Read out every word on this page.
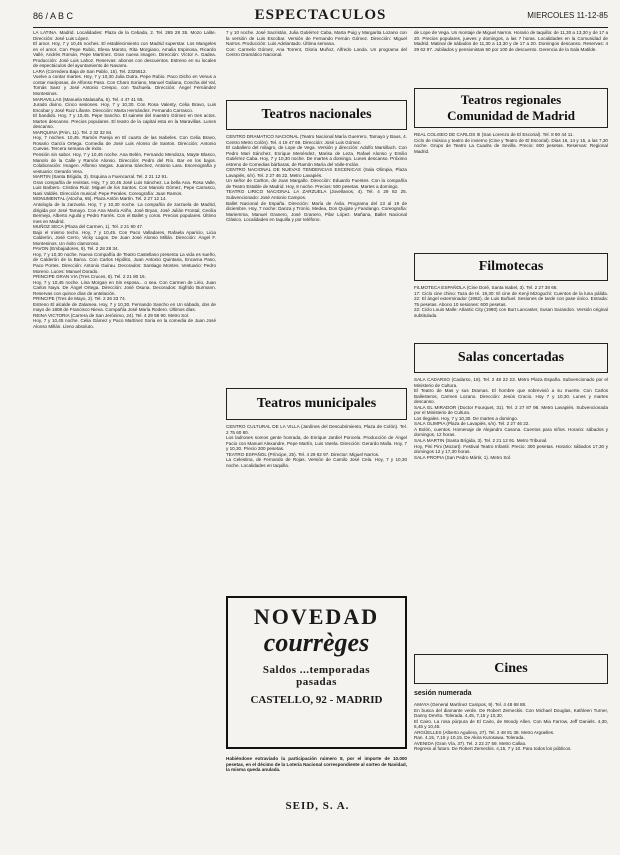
86 / A B C	ESPECTACULOS	MIERCOLES 11-12-85

LA LATINA. Madrid. Localidades: Plaza de la Cebada, 2. Tel. 265 28 35. Mozo Lalite. Dirección: José Luis López.

El amor. Hoy, 7 y 10,45 noches. El establecimiento con Madrid superstar. Los Mangeles en el amor. Con Pepe Rubio, Elena Maroto, Rita Morgiano, Amalia Espinosa, Ricardo Vallé, Andrés Román, Pepe Martínez. Gran nueva imagen. Dirección: Víctor A. Gadea. Producción: José Luis Lahoz. Reservas: abonos con descuentos. Estreno en su locales de espectáculos del ayuntamiento de Navarra.

LARA (Corredera Baja de San Pablo, 15). Tel. 2325612.

Vuelve a contar martes. Hoy, 7 y 10,30 Julia Dutra. Pepe Rubio. Paco Dicho en Venus a contar mariposas, de Alfonso Paso. Con Charo Soriano, Manuel Galiana, Concha del Val, Tomás Saez y José Antonio Crespo, con Tachuela. Dirección: Ángel Fernández Montesinos.

MARAVILLAS (Manuela Malasaña, 6). Tel. 4 47 41 65.

Jurado divino. Cinco sesiones. Hoy, 7 y 10,30. Con Rosa Valenty, Celia Bravo, Luis Escobar y José Ruiz Lifante. Dirección: Marta Hernández. Fernando Carrasco.

El bandido. Hoy, 7 y 10,45. Pepe Sancho. El sainete del maestro Gómez en tres actos. Martes descanso. Precios populares. El teatro de la capital esta en la Maravillas. Lunes descanso.

MARQUINA (Prim, 11). Tel. 2 32 32 84.

Hoy, 7 noches. 10,45. Ramón Pareja en El cuarto de las Isabeles. Con Celia Bravo, Rosario García Ortega. Comedia de José Luis Alonso de Santos. Dirección: Antonio Cuevas. Tercera semana de éxito.

Pensión sin sabor. Hoy, 7 y 10,45 noche. Ana Belén, Fernando Mendoza, Mayte Blasco, Manolo de la Calle y Ramón Alonso. Dirección: Pedro del Río. Bar en los bajos. Colaboración: Imagen. Alfonso Vargas. Juanma Sánchez, Antonio Lara. Escenografía y vestuario: Gerardo Vera.

MARTIN (Santa Brígida, 3). Esquina a Fuencarral. Tel. 2 21 12 91.

Gran compañía de revistas. Hoy, 7 y 10,45 José Luis Sánchez. La bella Ana. Rosa Valle, Luis Barbero. Cristina Ruiz. Miguel de los Santos. Con Manolo Gómez, Pepe Carrasco, Nani Valdés. Dirección musical: Pepe Perales. Coreografía: Juan Ramos.

MONUMENTAL (Atocha, 65). Plaza Antón Martín. Tel. 2 27 12 14.

Antología de la zarzuela. Hoy, 7 y 10,30 noche. La compañía de zarzuela de Madrid, dirigida por José Tamayo. Con Ana María Ariño, José Bryan, José Julián Frontal, Cecilia Bermejo, Alberto Aguilá y Pedro Farrés. Con el Ballet y coros. Precios populares. Último mes en Madrid.

MUÑOZ SECA (Plaza del Carmen, 1). Tel. 2 21 90 47.

Bajo el mismo techo. Hoy, 7 y 10,45. Con Paco Valladares, Rafaela Aparicio, Licia Calderón, José Cerro, Vicky Lagos. De Juan José Alonso Millán. Dirección: Ángel F. Montesinos. Un éxito clamoroso.

PAVON (Embajadores, 9). Tel. 2 28 28 34.

Hoy, 7 y 10,30 noche. Nueva Compañía de Teatro Castellano presenta La vida es sueño, de Calderón de la Barca. Con Carlos Hipólito, Juan Antonio Quintana, Encarna Paso, Paco Portes. Dirección: Antonio Guirau. Decorados: Santiago Montes. Vestuario: Pedro Moreno. Luces: Manuel Dorado.

PRINCIPE GRAN VIA (Tres Cruces, 8). Tel. 2 21 80 16.

Hoy, 7 y 10,45 noche. Lina Morgan en Sin esposa... o sea. Con Carmen de Lirio, Juan Carlos Naya. De Ángel Ortega. Dirección: José Osuna. Decorados: Sigfrido Burmann. Reservas con quince días de antelación.

PRINCIPE (Tres de Mayo, 2). Tel. 2 26 33 74.

Estreno El alcalde de Zalamea. Hoy, 7 y 10,30. Fernando Sancho en Un sábado, dos de mayo de 1808 de Francisco Nieva. Compañía José María Rodero. Últimos días.

REINA VICTORIA (Carrera de San Jerónimo, 24). Tel. 4 29 58 90. Metro Sol.

Hoy, 7 y 10,45 noche. Celia Gámez y Paco Martínez Soria en la comedia de Juan José Alonso Millán. Lleno absoluto.

7 y 10 noche. José Sacristán, Julia Gutiérrez Caba, Marta Puig y Margarita Lozano con la versión de Luis Escobar. Versión de Fernando Fernán Gómez. Dirección: Miguel Narros. Producción: Luis Adelantado. Última semana.

Con: Carmelo Gómez, Ana Torrent, Gloria Muñoz, Alfredo Landa. Un programa del Centro Dramático Nacional.

Teatros nacionales

CENTRO DRAMATICO NACIONAL (Teatro Nacional María Guerrero, Tamayo y Baus, 4. Centro Metro Colón). Tel. 4 19 47 69. Dirección: José Luis Gómez.

El caballero del milagro, de Lope de Vega. Versión y dirección: Adolfo Marsillach. Con Pedro Mari Sánchez, Enrique Menéndez, Marisa de Leza, Rafael Alonso y Emilio Gutiérrez Caba. Hoy, 7 y 10,30 noche. De martes a domingo. Lunes descanso. Próximo estreno de Comedias bárbaras, de Ramón María del Valle-Inclán.

CENTRO NACIONAL DE NUEVAS TENDENCIAS ESCENICAS (Sala Olimpia, Plaza Lavapiés, s/n). Tel. 2 27 46 22. Metro Lavapiés.

Un señor de Carlton, de Juan Margallo. Dirección: Eduardo Fuentes. Con la compañía de Teatro Estable de Madrid. Hoy, 8 noche. Precios: 500 pesetas. Martes a domingo.

TEATRO LIRICO NACIONAL LA ZARZUELA (Jovellanos, 4). Tel. 4 29 82 25. Subvencionado: José Antonio Campos.

Ballet Nacional de España. Dirección: María de Ávila. Programa del 13 al 19 de diciembre. Hoy, 7 noche: Danza y Tronío, Medea, Don Quijote y Fandango. Coreografía: Mariemma, Manuel Granero, José Granero, Pilar López. Mañana, Ballet Nacional Clásico. Localidades en taquilla y por teléfono.

Teatros municipales

CENTRO CULTURAL DE LA VILLA (Jardines del Descubrimiento, Plaza de Colón). Tel. 2 75 60 80.

Los ladrones somos gente honrada, de Enrique Jardiel Poncela. Producción de Ángel Facio con Manuel Alexandre, Pepe Martín, Luis Varela. Dirección: Gerardo Malla. Hoy, 7 y 10,30. Precio 300 pesetas.

TEATRO ESPAÑOL (Príncipe, 25). Tel. 4 29 62 97. Director: Miguel Narros.

La Celestina, de Fernando de Rojas. Versión de Camilo José Cela. Hoy, 7 y 10,30 noche. Localidades en taquilla.

NOVEDAD
courrèges
Saldos ...temporadas
pasadas
CASTELLO, 92 - MADRID

Habiéndose extraviado la participación número 8, por el importe de 10.000 pesetas, en el décimo de la Lotería Nacional correspondiente al sorteo de Navidad, la misma queda anulada.

SEID, S. A.

de Lope de Vega. Un montaje de Miguel Narros. Horario de taquilla: de 11,30 a 13,30 y de 17 a 20. Precios populares, jueves y domingos, a las 7 horas. Localidades en la Comunidad de Madrid. Matinal de sábados de 11,30 a 13,30 y de 17 a 20. Domingos descanso. Reservas: 4 29 62 97. Jubilados y pensionistas 50 por 100 de descuento. Gerencia de la Sala Matilde.

Teatros regionales
Comunidad de Madrid

REAL COLISEO DE CARLOS III (San Lorenzo de El Escorial). Tel. 8 90 44 11.

Ciclo de música y teatro de invierno (Cine y Teatro de El Escorial). Días 16, 14 y 15, a las 7,30 noche. Grupo de Teatro La Cuadra de Sevilla. Precio: 600 pesetas. Reservas: Regional Madrid.

Filmotecas

FILMOTECA ESPAÑOLA (Cine Doré, Santa Isabel, 3). Tel. 2 27 38 66.

17: Ciclo cine chino: Taza de té. 19,30: El cine de Kenji Mizoguchi: Cuentos de la luna pálida. 22: El ángel exterminador (1962), de Luis Buñuel. Sesiones de tarde con pase único. Entrada: 75 pesetas. Abono 10 sesiones: 600 pesetas.

22: Ciclo Louis Malle: Atlantic City (1980) con Burt Lancaster, Susan Sarandon. Versión original subtitulada.

Salas concertadas

SALA CADARSO (Cadarso, 18). Tel. 2 48 22 23. Metro Plaza España. Subvencionado por el Ministerio de Cultura.

El Teatro de Mas y sus Dramas. El hombre que sobrevivió a su muerte. Con Carlos Ballesteros, Carmen Lozano. Dirección: Jesús Cracio. Hoy 7 y 10,30. Lunes y martes descanso.

SALA EL MIRADOR (Doctor Fourquet, 31). Tel. 2 27 87 98. Metro Lavapiés. Subvencionada por el Ministerio de Cultura.

Los Ilegales. Hoy, 7 y 10,30. De martes a domingo.

SALA OLIMPIA (Plaza de Lavapiés, s/n). Tel. 2 27 46 22.

A Bolón, cuentos. Homenaje de Alejandro Casona. Cuentos para niños. Horario: sábados y domingos, 12 horas.

SALA MARTIN (Santa Brígida, 3). Tel. 2 21 12 91. Metro Tribunal.

Hoy, Pini Pini (Mozart). Festival Teatro Infantil. Precio: 300 pesetas. Horario: sábados 17,30 y domingos 12 y 17,30 horas.

SALA PROPIA (San Pedro Mártir, 1). Metro Sol.

Cines
sesión numerada

AMAYA (General Martínez Campos, 9). Tel. 4 48 68 88.

En busca del diamante verde. De Robert Zemeckis. Con Michael Douglas, Kathleen Turner, Danny DeVito. Tolerada. 4,45, 7,15 y 10,30.

El Cairo. La rosa púrpura de El Cairo, de Woody Allen. Con Mia Farrow, Jeff Daniels. 4,30, 6,45 y 10,45.

ARGÜELLES (Alberto Aguilera, 27). Tel. 2 48 81 38. Metro Argüelles.

Ran. 4,15, 7,15 y 10,15. De Akira Kurosawa. Tolerada.

AVENIDA (Gran Vía, 37). Tel. 2 22 27 59. Metro Callao.

Regreso al futuro. De Robert Zemeckis. 4,15, 7 y 10. Para todos los públicos.
